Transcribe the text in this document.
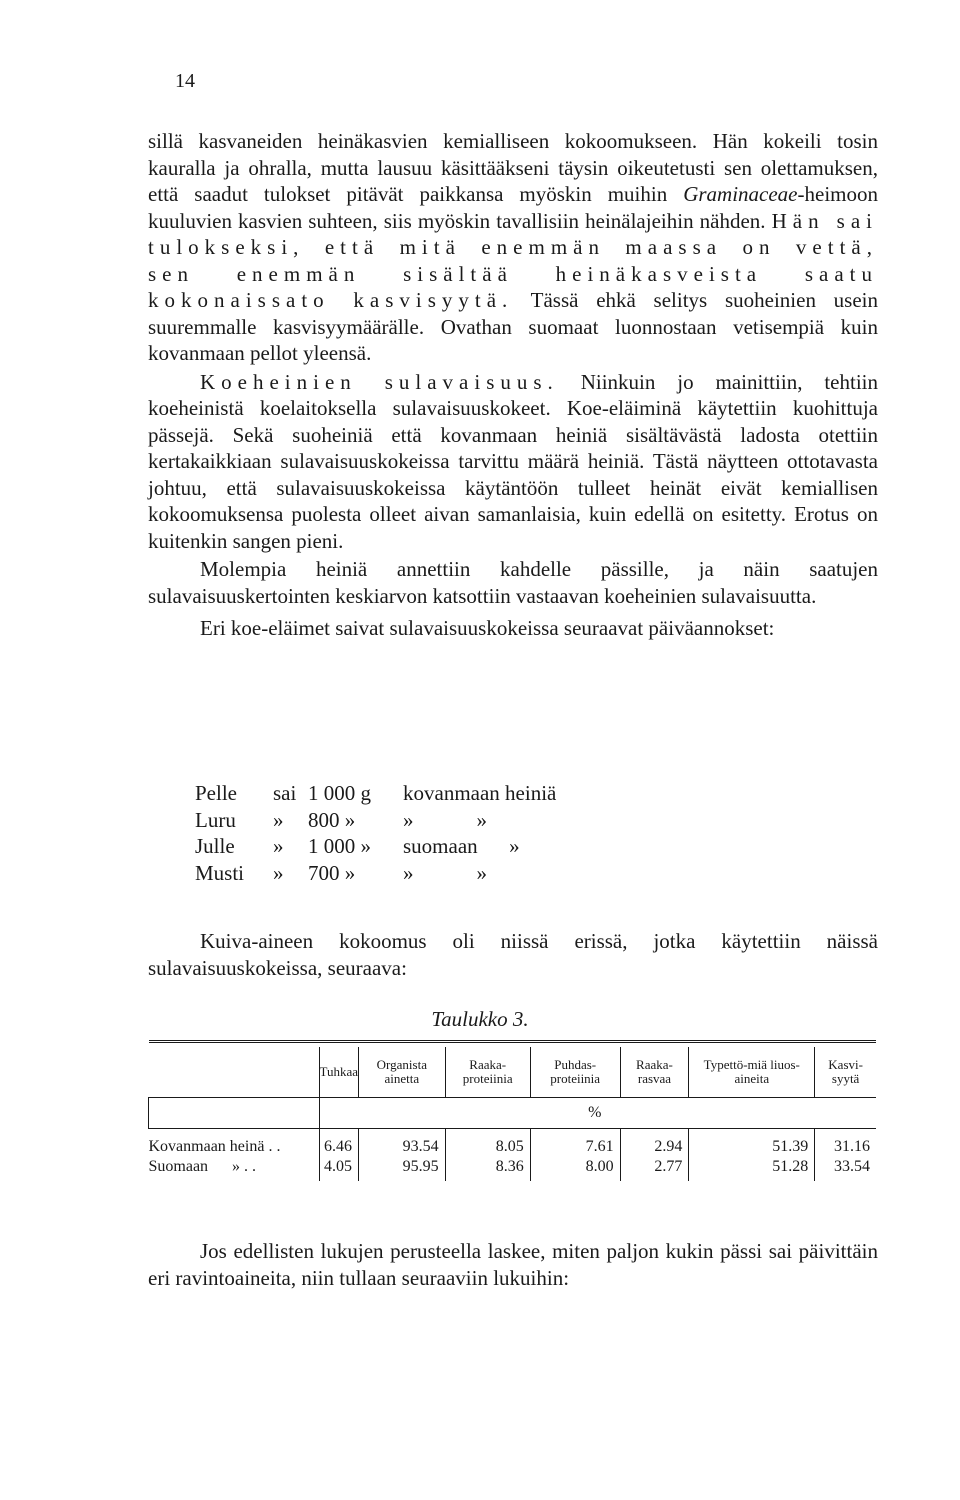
14

sillä kasvaneiden heinäkasvien kemialliseen kokoomukseen. Hän kokeili tosin kauralla ja ohralla, mutta lausuu käsittääkseni täysin oikeutetusti sen olettamuksen, että saadut tulokset pitävät paikkansa myöskin muihin Graminaceae-heimoon kuuluvien kasvien suhteen, siis myöskin tavallisiin heinälajeihin nähden. Hän sai tulokseksi, että mitä enemmän maassa on vettä, sen enemmän sisältää heinäkasveista saatu kokonaissato kasvisyytä. Tässä ehkä selitys suoheinien usein suuremmalle kasvisyymäärälle. Ovathan suomaat luonnostaan vetisempiä kuin kovanmaan pellot yleensä.

Koeheinien sulavaisuus. Niinkuin jo mainittiin, tehtiin koeheinistä koelaitoksella sulavaisuuskokeet. Koe-eläiminä käytettiin kuohittuja pässejä. Sekä suoheiniä että kovanmaan heiniä sisältävästä ladosta otettiin kertakaikkiaan sulavaisuuskokeissa tarvittu määrä heiniä. Tästä näytteen ottotavasta johtuu, että sulavaisuuskokeissa käytäntöön tulleet heinät eivät kemiallisen kokoomuksensa puolesta olleet aivan samanlaisia, kuin edellä on esitetty. Erotus on kuitenkin sangen pieni.

Molempia heiniä annettiin kahdelle pässille, ja näin saatujen sulavaisuuskertointen keskiarvon katsottiin vastaavan koeheinien sulavaisuutta.

Eri koe-eläimet saivat sulavaisuuskokeissa seuraavat päiväannokset:

Pelle	sai	1 000 g	kovanmaan heiniä
Luru	»	800 »	»            »
Julle	»	1 000 »	suomaan      »
Musti	»	700 »	»            »

Kuiva-aineen kokoomus oli niissä erissä, jotka käytettiin näissä sulavaisuuskokeissa, seuraava:

Taulukko 3.

	Tuhkaa	Organista ainetta	Raaka-proteiinia	Puhdas-proteiinia	Raaka-rasvaa	Typettö-miä liuos-aineita	Kasvi-syytä
	%						
Kovanmaan heinä . .	6.46	93.54	8.05	7.61	2.94	51.39	31.16
Suomaan      » . .	4.05	95.95	8.36	8.00	2.77	51.28	33.54

Jos edellisten lukujen perusteella laskee, miten paljon kukin pässi sai päivittäin eri ravintoaineita, niin tullaan seuraaviin lukuihin:
